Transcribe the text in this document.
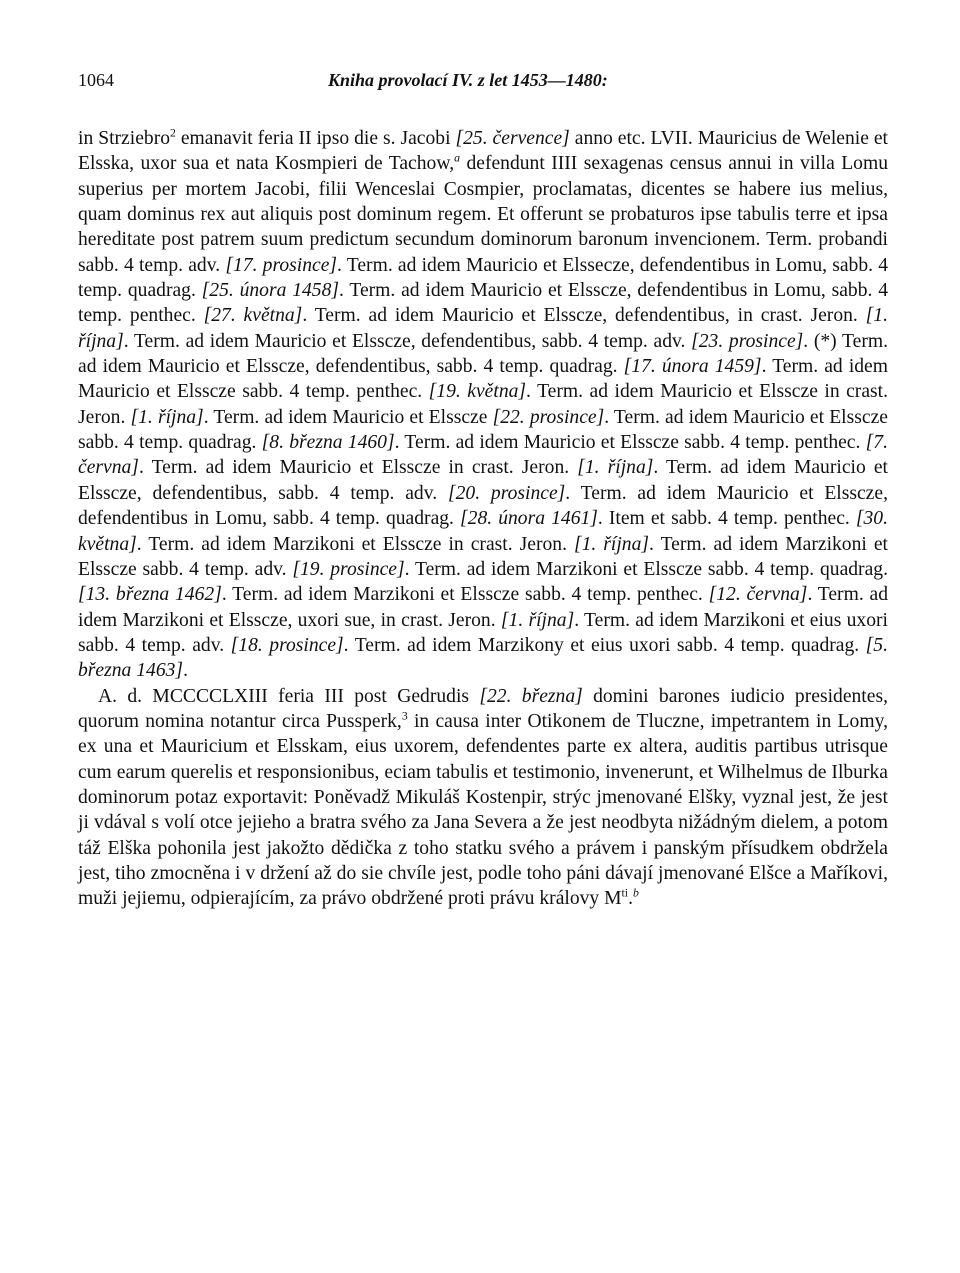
1064	Kniha provolací IV. z let 1453—1480:

in Strziebro$^2$ emanavit feria II ipso die s. Jacobi [25. července] anno etc. LVII. Mauricius de Welenie et Elsska, uxor sua et nata Kosmpieri de Tachow,$^a$ defendunt IIII sexagenas census annui in villa Lomu superius per mortem Jacobi, filii Wenceslai Cosmpier, proclamatas, dicentes se habere ius melius, quam dominus rex aut aliquis post dominum regem. Et offerunt se probaturos ipse tabulis terre et ipsa hereditate post patrem suum predictum secundum dominorum baronum invencionem. Term. probandi sabb. 4 temp. adv. [17. prosince]. Term. ad idem Mauricio et Elssecze, defendentibus in Lomu, sabb. 4 temp. quadrag. [25. února 1458]. Term. ad idem Mauricio et Elsscze, defendentibus in Lomu, sabb. 4 temp. penthec. [27. května]. Term. ad idem Mauricio et Elsscze, defendentibus, in crast. Jeron. [1. října]. Term. ad idem Mauricio et Elsscze, defendentibus, sabb. 4 temp. adv. [23. prosince]. (*) Term. ad idem Mauricio et Elsscze, defendentibus, sabb. 4 temp. quadrag. [17. února 1459]. Term. ad idem Mauricio et Elsscze sabb. 4 temp. penthec. [19. května]. Term. ad idem Mauricio et Elsscze in crast. Jeron. [1. října]. Term. ad idem Mauricio et Elsscze [22. prosince]. Term. ad idem Mauricio et Elsscze sabb. 4 temp. quadrag. [8. března 1460]. Term. ad idem Mauricio et Elsscze sabb. 4 temp. penthec. [7. června]. Term. ad idem Mauricio et Elsscze in crast. Jeron. [1. října]. Term. ad idem Mauricio et Elsscze, defendentibus, sabb. 4 temp. adv. [20. prosince]. Term. ad idem Mauricio et Elsscze, defendentibus in Lomu, sabb. 4 temp. quadrag. [28. února 1461]. Item et sabb. 4 temp. penthec. [30. května]. Term. ad idem Marzikoni et Elsscze in crast. Jeron. [1. října]. Term. ad idem Marzikoni et Elsscze sabb. 4 temp. adv. [19. prosince]. Term. ad idem Marzikoni et Elsscze sabb. 4 temp. quadrag. [13. března 1462]. Term. ad idem Marzikoni et Elsscze sabb. 4 temp. penthec. [12. června]. Term. ad idem Marzikoni et Elsscze, uxori sue, in crast. Jeron. [1. října]. Term. ad idem Marzikoni et eius uxori sabb. 4 temp. adv. [18. prosince]. Term. ad idem Marzikony et eius uxori sabb. 4 temp. quadrag. [5. března 1463].

A. d. MCCCCLXIII feria III post Gedrudis [22. března] domini barones iudicio presidentes, quorum nomina notantur circa Pussperk,$^3$ in causa inter Otikonem de Tluczne, impetrantem in Lomy, ex una et Mauricium et Elsskam, eius uxorem, defendentes parte ex altera, auditis partibus utrisque cum earum querelis et responsionibus, eciam tabulis et testimonio, invenerunt, et Wilhelmus de Ilburka dominorum potaz exportavit: Poněvadž Mikuláš Kostenpir, strýc jmenované Elšky, vyznal jest, že jest ji vdával s volí otce jejieho a bratra svého za Jana Severa a že jest neodbyta nižádným dielem, a potom táž Elška pohonila jest jakožto dědička z toho statku svého a právem i panským přísudkem obdržela jest, tiho zmocněna i v držení až do sie chvíle jest, podle toho páni dávají jmenované Elšce a Maříkovi, muži jejiemu, odpierajícím, za právo obdržené proti právu královy $M^{ti}.^b$
